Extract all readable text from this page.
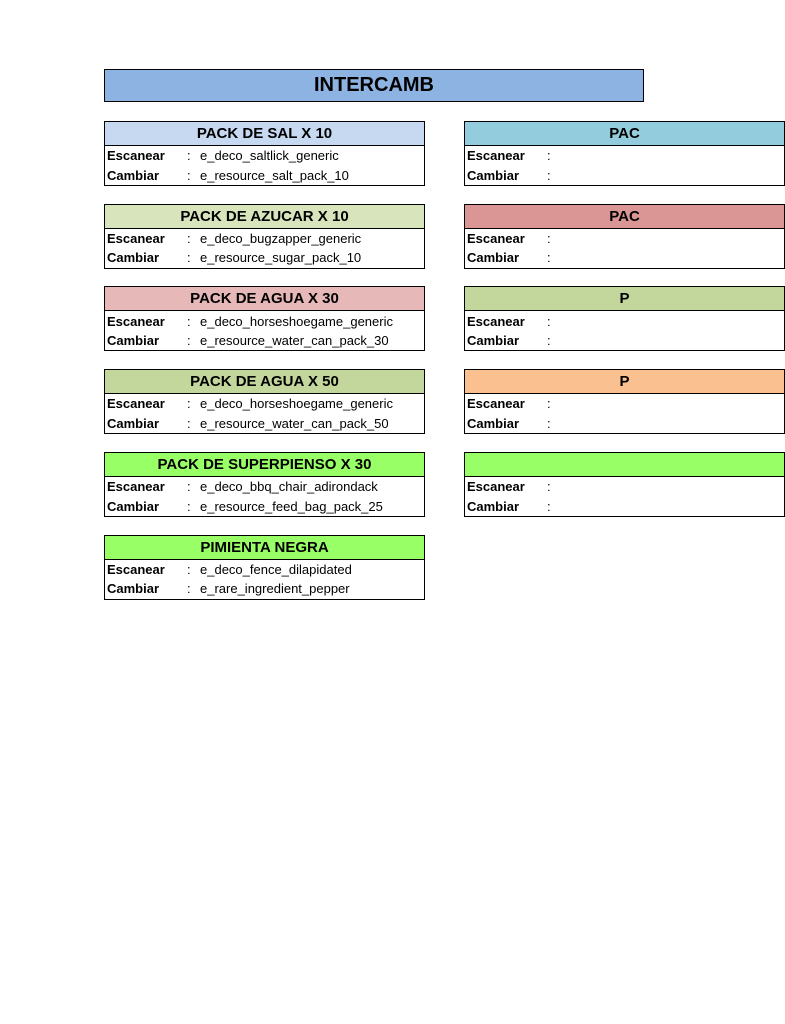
INTERCAMB
PACK DE SAL X 10
Escanear	: e_deco_saltlick_generic
Cambiar	: e_resource_salt_pack_10
PACK DE AZUCAR X 10
Escanear	: e_deco_bugzapper_generic
Cambiar	: e_resource_sugar_pack_10
PACK DE AGUA X 30
Escanear	: e_deco_horseshoegame_generic
Cambiar	: e_resource_water_can_pack_30
PACK DE AGUA X 50
Escanear	: e_deco_horseshoegame_generic
Cambiar	: e_resource_water_can_pack_50
PACK DE SUPERPIENSO X 30
Escanear	: e_deco_bbq_chair_adirondack
Cambiar	: e_resource_feed_bag_pack_25
PIMIENTA NEGRA
Escanear	: e_deco_fence_dilapidated
Cambiar	: e_rare_ingredient_pepper
PAC
Escanear	:
Cambiar	:
PAC
Escanear	:
Cambiar	:
P
Escanear	:
Cambiar	:
P
Escanear	:
Cambiar	:
Escanear	:
Cambiar	:
